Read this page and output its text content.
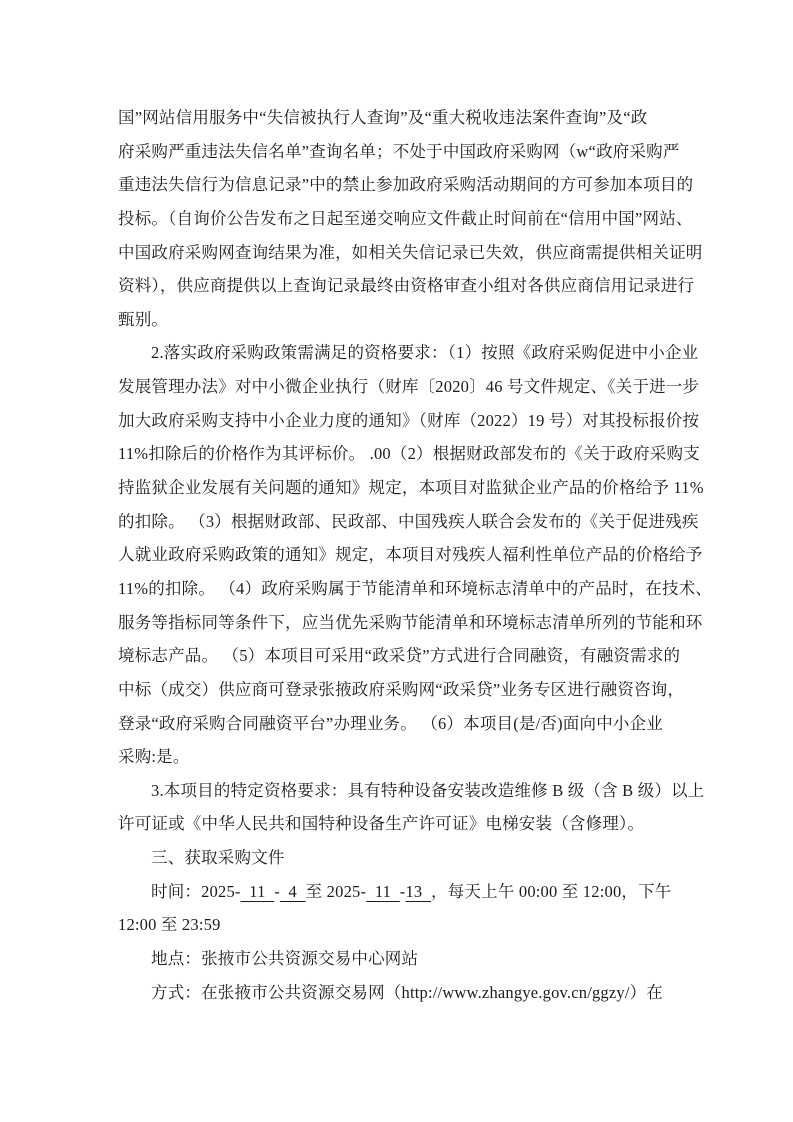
国”网站信用服务中“失信被执行人查询”及“重大税收违法案件查询”及“政
府采购严重违法失信名单”查询名单；不处于中国政府采购网（w“政府采购严
重违法失信行为信息记录”中的禁止参加政府采购活动期间的方可参加本项目的
投标。（自询价公告发布之日起至递交响应文件截止时间前在“信用中国”网站、
中国政府采购网查询结果为准，如相关失信记录已失效，供应商需提供相关证明
资料），供应商提供以上查询记录最终由资格审查小组对各供应商信用记录进行
甄别。
2.落实政府采购政策需满足的资格要求：（1）按照《政府采购促进中小企业
发展管理办法》对中小微企业执行（财库〔2020〕46 号文件规定、《关于进一步
加大政府采购支持中小企业力度的通知》（财库（2022）19 号）对其投标报价按
11%扣除后的价格作为其评标价。 .00（2）根据财政部发布的《关于政府采购支
持监狱企业发展有关问题的通知》规定，本项目对监狱企业产品的价格给予 11%
的扣除。 （3）根据财政部、民政部、中国残疾人联合会发布的《关于促进残疾
人就业政府采购政策的通知》规定，本项目对残疾人福利性单位产品的价格给予
11%的扣除。 （4）政府采购属于节能清单和环境标志清单中的产品时，在技术、
服务等指标同等条件下，应当优先采购节能清单和环境标志清单所列的节能和环
境标志产品。 （5）本项目可采用“政采贷”方式进行合同融资，有融资需求的
中标（成交）供应商可登录张掖政府采购网“政采贷”业务专区进行融资咨询，
登录“政府采购合同融资平台”办理业务。 （6）本项目(是/否)面向中小企业
采购:是。
3.本项目的特定资格要求：具有特种设备安装改造维修 B 级（含 B 级）以上
许可证或《中华人民共和国特种设备生产许可证》电梯安装（含修理）。
三、获取采购文件
时间：2025-  11  -  4  至 2025-  11  -13  ，每天上午 00:00 至 12:00，下午
12:00 至 23:59
地点：张掖市公共资源交易中心网站
方式：在张掖市公共资源交易网（http://www.zhangye.gov.cn/ggzy/）在
